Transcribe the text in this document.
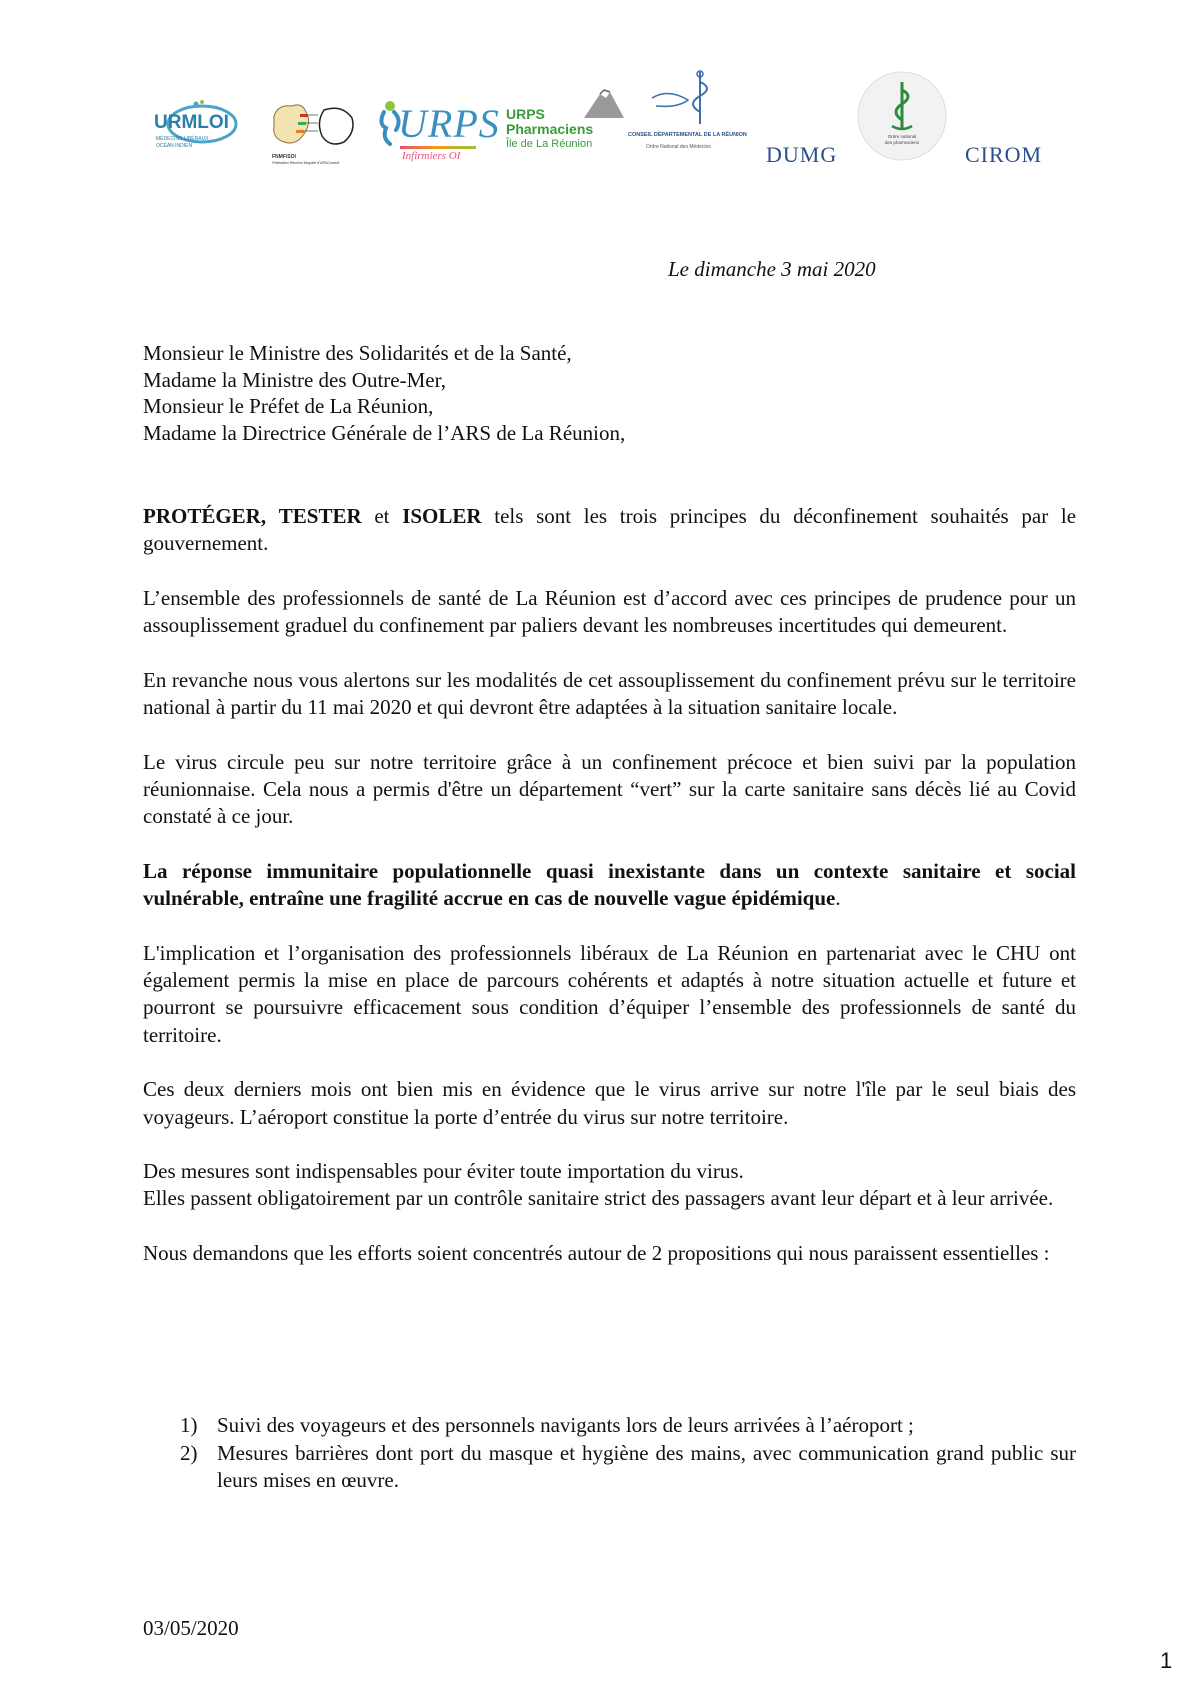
URMLOI
MÉDECINS LIBÉRAUX
OCÉAN INDIEN
FNMF/SOI
Fédération Réunion Mayotte d'URSCommit
URPS
Infirmiers OI
URPS
Pharmaciens
Île de La Réunion
CONSEIL DÉPARTEMENTAL DE LA RÉUNION
Ordre National des Médecins	DUMG
Ordre national
des pharmaciens	CIROM

Le dimanche 3 mai 2020

Monsieur le Ministre des Solidarités et de la Santé,
Madame la Ministre des Outre-Mer,
Monsieur le Préfet de La Réunion,
Madame la Directrice Générale de l’ARS de La Réunion,

PROTÉGER, TESTER et ISOLER tels sont les trois principes du déconfinement souhaités par le gouvernement.

L’ensemble des professionnels de santé de La Réunion est d’accord avec ces principes de prudence pour un assouplissement graduel du confinement par paliers devant les nombreuses incertitudes qui demeurent.

En revanche nous vous alertons sur les modalités de cet assouplissement du confinement prévu sur le territoire national à partir du 11 mai 2020 et qui devront être adaptées à la situation sanitaire locale.

Le virus circule peu sur notre territoire grâce à un confinement précoce et bien suivi par la population réunionnaise. Cela nous a permis d'être un département “vert” sur la carte sanitaire sans décès lié au Covid constaté à ce jour.

La réponse immunitaire populationnelle quasi inexistante dans un contexte sanitaire et social vulnérable, entraîne une fragilité accrue en cas de nouvelle vague épidémique.

L'implication et l’organisation des professionnels libéraux de La Réunion en partenariat avec le CHU ont également permis la mise en place de parcours cohérents et adaptés à notre situation actuelle et future et pourront se poursuivre efficacement sous condition d’équiper l’ensemble des professionnels de santé du territoire.

Ces deux derniers mois ont bien mis en évidence que le virus arrive sur notre l'île par le seul biais des voyageurs. L’aéroport constitue la porte d’entrée du virus sur notre territoire.

Des mesures sont indispensables pour éviter toute importation du virus.

Elles passent obligatoirement par un contrôle sanitaire strict des passagers avant leur départ et à leur arrivée.

Nous demandons que les efforts soient concentrés autour de 2 propositions qui nous paraissent essentielles :

1) Suivi des voyageurs et des personnels navigants lors de leurs arrivées à l’aéroport ;
2) Mesures barrières dont port du masque et hygiène des mains, avec communication grand public sur leurs mises en œuvre.

03/05/2020

1
